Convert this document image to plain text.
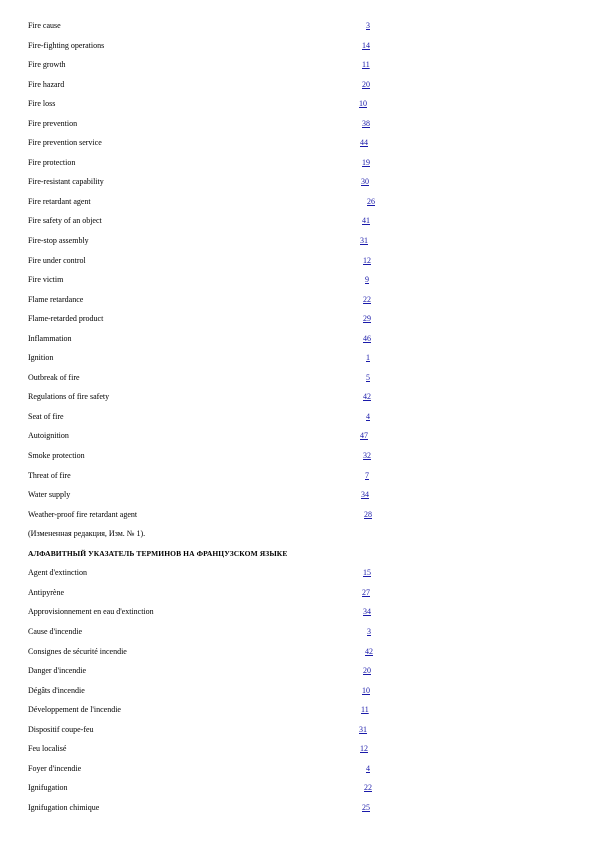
Fire cause	3
Fire-fighting operations	14
Fire growth	11
Fire hazard	20
Fire loss	10
Fire prevention	38
Fire prevention service	44
Fire protection	19
Fire-resistant capability	30
Fire retardant agent	26
Fire safety of an object	41
Fire-stop assembly	31
Fire under control	12
Fire victim	9
Flame retardance	22
Flame-retarded product	29
Inflammation	46
Ignition	1
Outbreak of fire	5
Regulations of fire safety	42
Seat of fire	4
Autoignition	47
Smoke protection	32
Threat of fire	7
Water supply	34
Weather-proof fire retardant agent	28
(Измененная редакция, Изм. № 1).
АЛФАВИТНЫЙ УКАЗАТЕЛЬ ТЕРМИНОВ НА ФРАНЦУЗСКОМ ЯЗЫКЕ
Agent d'extinction	15
Antipyrène	27
Approvisionnement en eau d'extinction	34
Cause d'incendie	3
Consignes de sécurité incendie	42
Danger d'incendie	20
Dégâts d'incendie	10
Développement de l'incendie	11
Dispositif coupe-feu	31
Feu localisé	12
Foyer d'incendie	4
Ignifugation	22
Ignifugation chimique	25
